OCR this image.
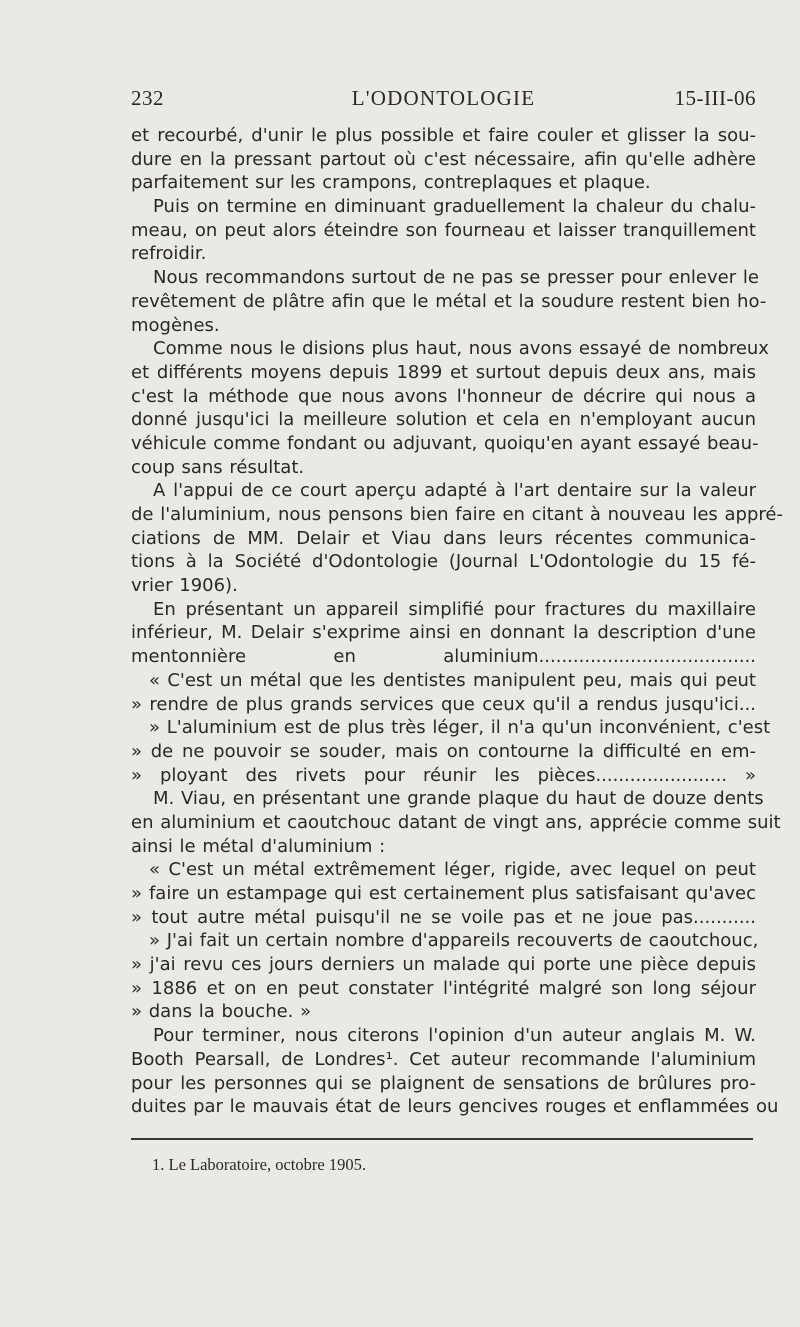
232	L'ODONTOLOGIE	15-III-06
et recourbé, d'unir le plus possible et faire couler et glisser la sou-
dure en la pressant partout où c'est nécessaire, afin qu'elle adhère
parfaitement sur les crampons, contreplaques et plaque.
Puis on termine en diminuant graduellement la chaleur du chalu-
meau, on peut alors éteindre son fourneau et laisser tranquillement
refroidir.
Nous recommandons surtout de ne pas se presser pour enlever le
revêtement de plâtre afin que le métal et la soudure restent bien ho-
mogènes.
Comme nous le disions plus haut, nous avons essayé de nombreux
et différents moyens depuis 1899 et surtout depuis deux ans, mais
c'est la méthode que nous avons l'honneur de décrire qui nous a
donné jusqu'ici la meilleure solution et cela en n'employant aucun
véhicule comme fondant ou adjuvant, quoiqu'en ayant essayé beau-
coup sans résultat.
A l'appui de ce court aperçu adapté à l'art dentaire sur la valeur
de l'aluminium, nous pensons bien faire en citant à nouveau les appré-
ciations de MM. Delair et Viau dans leurs récentes communica-
tions à la Société d'Odontologie (Journal L'Odontologie du 15 fé-
vrier 1906).
En présentant un appareil simplifié pour fractures du maxillaire
inférieur, M. Delair s'exprime ainsi en donnant la description d'une
mentonnière en aluminium......................................
« C'est un métal que les dentistes manipulent peu, mais qui peut
» rendre de plus grands services que ceux qu'il a rendus jusqu'ici...
» L'aluminium est de plus très léger, il n'a qu'un inconvénient, c'est
» de ne pouvoir se souder, mais on contourne la difficulté en em-
» ployant des rivets pour réunir les pièces....................... »
M. Viau, en présentant une grande plaque du haut de douze dents
en aluminium et caoutchouc datant de vingt ans, apprécie comme suit
ainsi le métal d'aluminium :
« C'est un métal extrêmement léger, rigide, avec lequel on peut
» faire un estampage qui est certainement plus satisfaisant qu'avec
» tout autre métal puisqu'il ne se voile pas et ne joue pas...........
» J'ai fait un certain nombre d'appareils recouverts de caoutchouc,
» j'ai revu ces jours derniers un malade qui porte une pièce depuis
» 1886 et on en peut constater l'intégrité malgré son long séjour
» dans la bouche. »
Pour terminer, nous citerons l'opinion d'un auteur anglais M. W.
Booth Pearsall, de Londres¹. Cet auteur recommande l'aluminium
pour les personnes qui se plaignent de sensations de brûlures pro-
duites par le mauvais état de leurs gencives rouges et enflammées ou
1. Le Laboratoire, octobre 1905.
